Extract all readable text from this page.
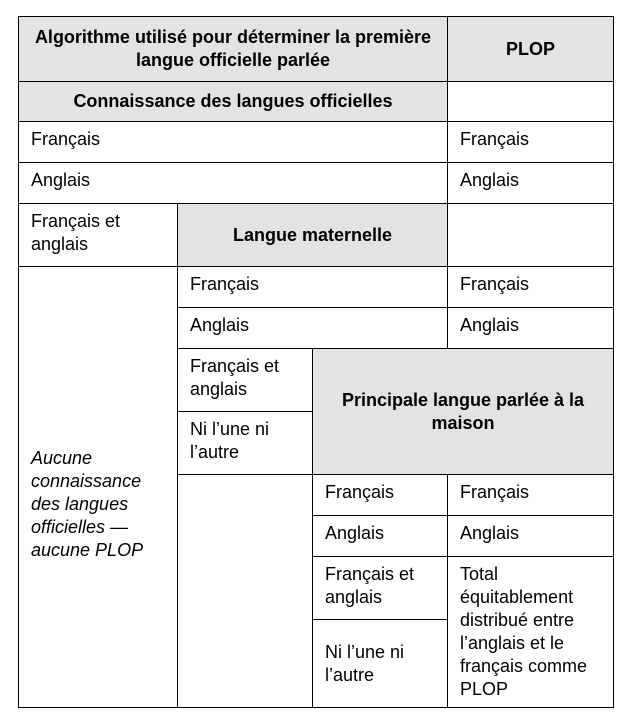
Algorithme utilisé pour déterminer la première langue officielle parlée			PLOP
Connaissance des langues officielles			
Français			Français
Anglais			Anglais
Français et anglais	Langue maternelle		
Aucune connaissance des langues officielles — aucune PLOP	Français		Français
	Anglais		Anglais
	Français et anglais	Principale langue parlée à la maison	
	Ni l’une ni l’autre		
		Français	Français
		Anglais	Anglais
		Français et anglais	Total équitablement distribué entre l’anglais et le français comme PLOP
		Ni l’une ni l’autre	
